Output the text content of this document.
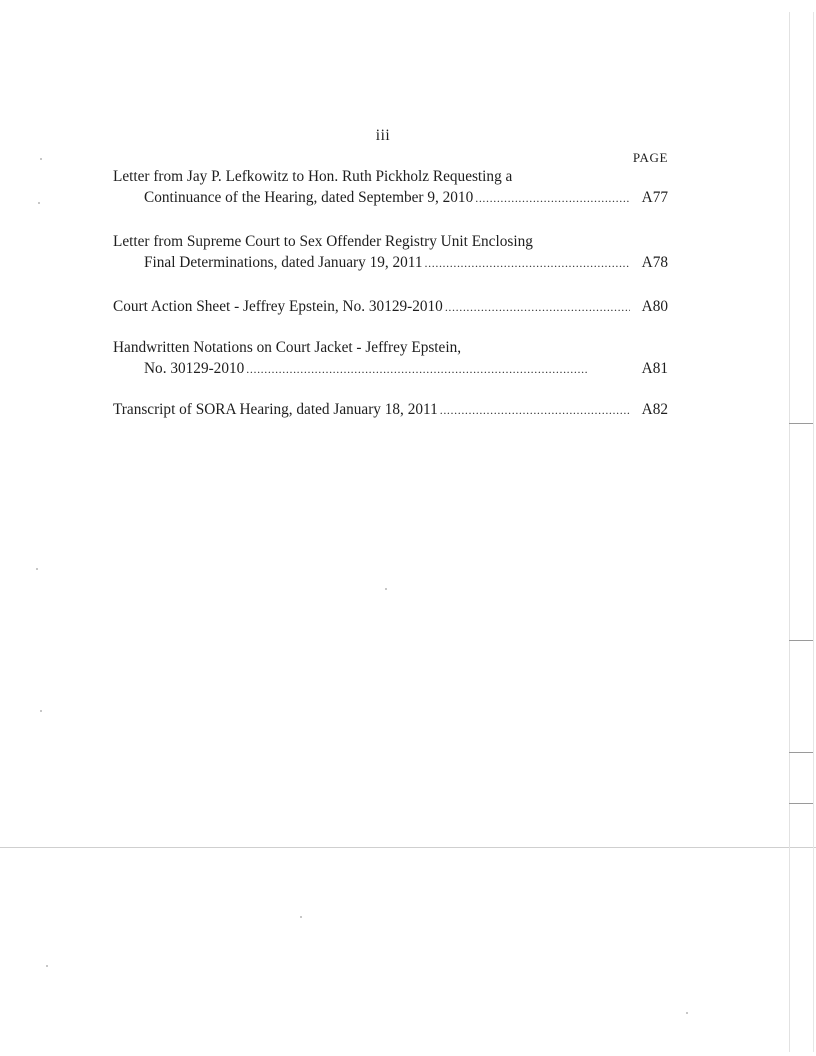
iii
PAGE
Letter from Jay P. Lefkowitz to Hon. Ruth Pickholz Requesting a
Continuance of the Hearing, dated September 9, 2010 . . .	A77
Letter from Supreme Court to Sex Offender Registry Unit Enclosing
Final Determinations, dated January 19, 2011 . . .	A78
Court Action Sheet - Jeffrey Epstein, No. 30129-2010 . . .	A80
Handwritten Notations on Court Jacket - Jeffrey Epstein,
No. 30129-2010 . . .	A81
Transcript of SORA Hearing, dated January 18, 2011 . . .	A82
